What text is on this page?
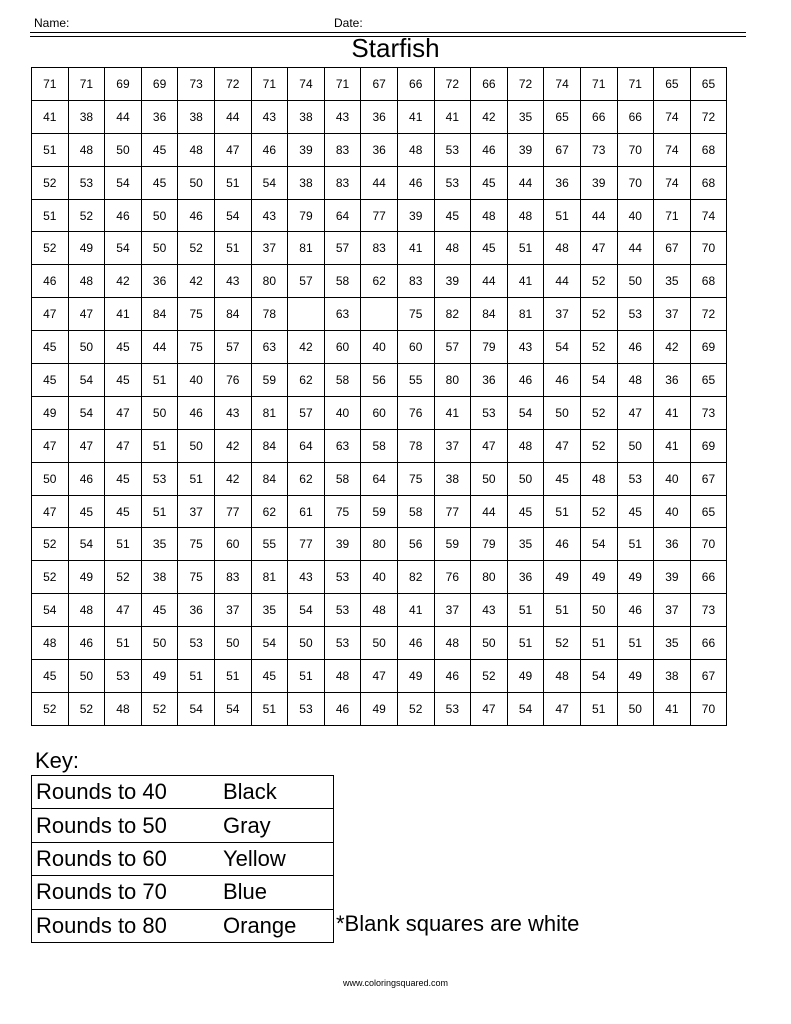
Name:	Date:
Starfish
71	71	69	69	73	72	71	74	71	67	66	72	66	72	74	71	71	65	65
41	38	44	36	38	44	43	38	43	36	41	41	42	35	65	66	66	74	72
51	48	50	45	48	47	46	39	83	36	48	53	46	39	67	73	70	74	68
52	53	54	45	50	51	54	38	83	44	46	53	45	44	36	39	70	74	68
51	52	46	50	46	54	43	79	64	77	39	45	48	48	51	44	40	71	74
52	49	54	50	52	51	37	81	57	83	41	48	45	51	48	47	44	67	70
46	48	42	36	42	43	80	57	58	62	83	39	44	41	44	52	50	35	68
47	47	41	84	75	84	78		63		75	82	84	81	37	52	53	37	72
45	50	45	44	75	57	63	42	60	40	60	57	79	43	54	52	46	42	69
45	54	45	51	40	76	59	62	58	56	55	80	36	46	46	54	48	36	65
49	54	47	50	46	43	81	57	40	60	76	41	53	54	50	52	47	41	73
47	47	47	51	50	42	84	64	63	58	78	37	47	48	47	52	50	41	69
50	46	45	53	51	42	84	62	58	64	75	38	50	50	45	48	53	40	67
47	45	45	51	37	77	62	61	75	59	58	77	44	45	51	52	45	40	65
52	54	51	35	75	60	55	77	39	80	56	59	79	35	46	54	51	36	70
52	49	52	38	75	83	81	43	53	40	82	76	80	36	49	49	49	39	66
54	48	47	45	36	37	35	54	53	48	41	37	43	51	51	50	46	37	73
48	46	51	50	53	50	54	50	53	50	46	48	50	51	52	51	51	35	66
45	50	53	49	51	51	45	51	48	47	49	46	52	49	48	54	49	38	67
52	52	48	52	54	54	51	53	46	49	52	53	47	54	47	51	50	41	70
Key:
Rounds to 40	Black
Rounds to 50	Gray
Rounds to 60	Yellow
Rounds to 70	Blue
Rounds to 80	Orange *Blank squares are white
www.coloringsquared.com
